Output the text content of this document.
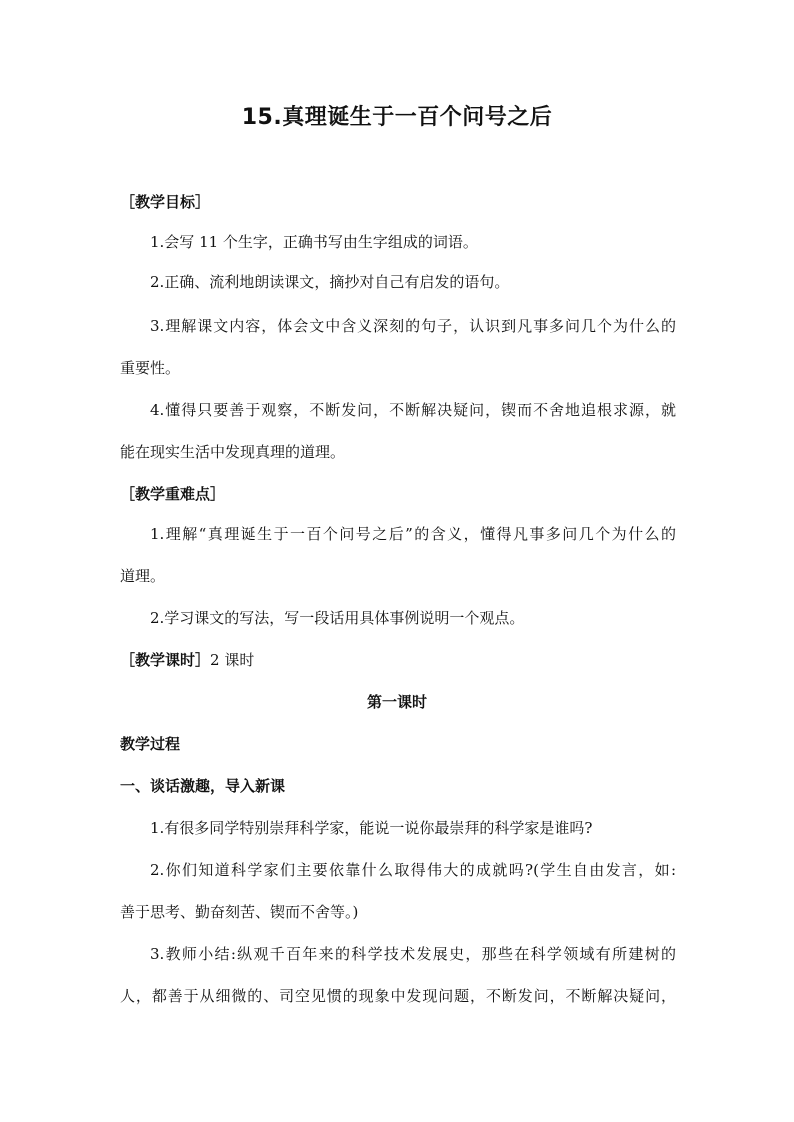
15.真理诞生于一百个问号之后
［教学目标］
1.会写 11 个生字，正确书写由生字组成的词语。
2.正确、流利地朗读课文，摘抄对自己有启发的语句。
3.理解课文内容，体会文中含义深刻的句子，认识到凡事多问几个为什么的
重要性。
4.懂得只要善于观察，不断发问，不断解决疑问，锲而不舍地追根求源，就
能在现实生活中发现真理的道理。
［教学重难点］
1.理解“真理诞生于一百个问号之后”的含义，懂得凡事多问几个为什么的
道理。
2.学习课文的写法，写一段话用具体事例说明一个观点。
［教学课时］2 课时
第一课时
教学过程
一、谈话激趣，导入新课
1.有很多同学特别崇拜科学家，能说一说你最崇拜的科学家是谁吗?
2.你们知道科学家们主要依靠什么取得伟大的成就吗?(学生自由发言，如:
善于思考、勤奋刻苦、锲而不舍等。)
3.教师小结:纵观千百年来的科学技术发展史，那些在科学领域有所建树的
人，都善于从细微的、司空见惯的现象中发现问题，不断发问，不断解决疑问，
